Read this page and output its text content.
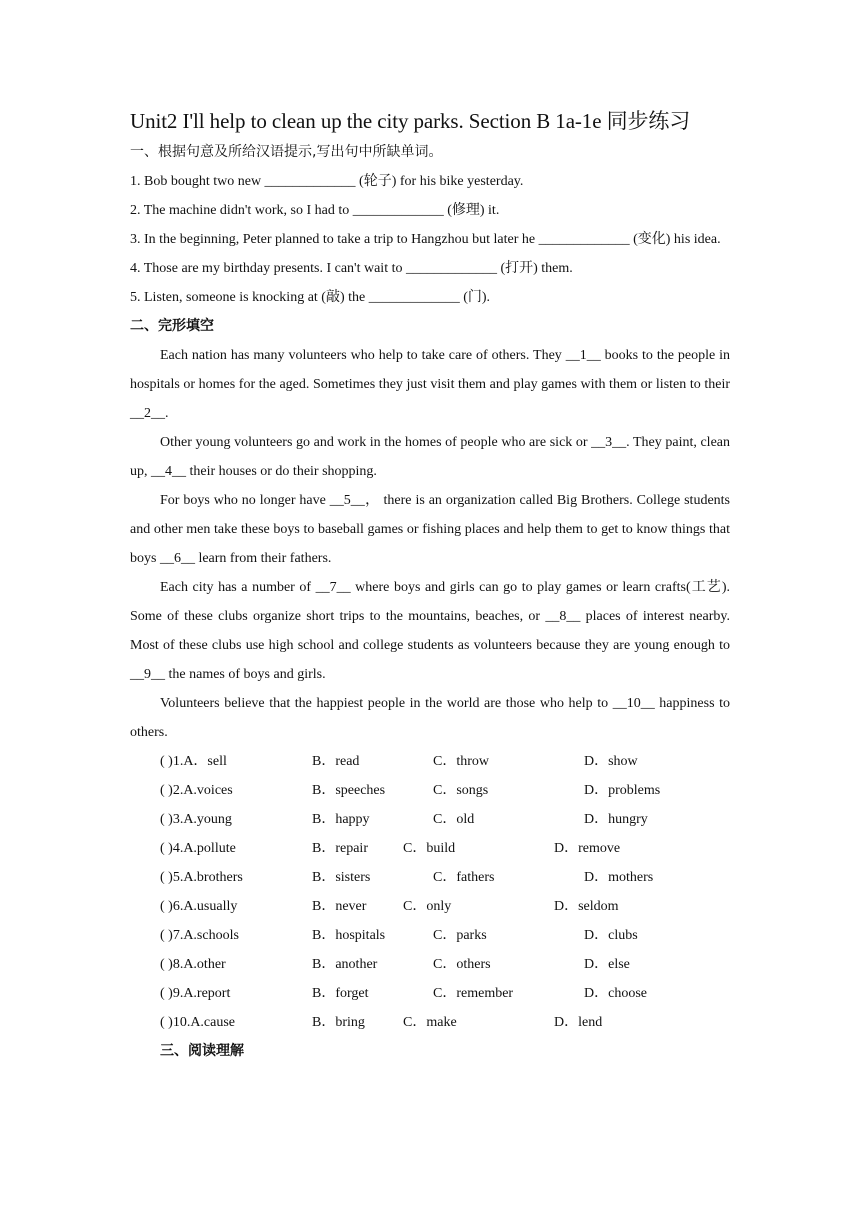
Unit2 I'll help to clean up the city parks. Section B 1a-1e 同步练习
一、根据句意及所给汉语提示,写出句中所缺单词。
1. Bob bought two new _____________ (轮子) for his bike yesterday.
2. The machine didn't work, so I had to _____________ (修理) it.
3. In the beginning, Peter planned to take a trip to Hangzhou but later he _____________ (变化) his idea.
4. Those are my birthday presents. I can't wait to _____________ (打开) them.
5. Listen, someone is knocking at (敲) the _____________ (门).
二、完形填空
Each nation has many volunteers who help to take care of others. They __1__ books to the people in hospitals or homes for the aged. Sometimes they just visit them and play games with them or listen to their __2__.
Other young volunteers go and work in the homes of people who are sick or __3__. They paint, clean up, __4__ their houses or do their shopping.
For boys who no longer have __5__， there is an organization called Big Brothers. College students and other men take these boys to baseball games or fishing places and help them to get to know things that boys __6__ learn from their fathers.
Each city has a number of __7__ where boys and girls can go to play games or learn crafts(工艺). Some of these clubs organize short trips to the mountains, beaches, or __8__ places of interest nearby. Most of these clubs use high school and college students as volunteers because they are young enough to __9__ the names of boys and girls.
Volunteers believe that the happiest people in the world are those who help to __10__ happiness to others.
( )1.A．sell	B．read	C．throw	D．show
( )2.A.voices	B．speeches	C．songs	D．problems
( )3.A.young	B．happy	C．old	D．hungry
( )4.A.pollute	B．repair	C．build	D．remove
( )5.A.brothers	B．sisters	C．fathers	D．mothers
( )6.A.usually	B．never	C．only	D．seldom
( )7.A.schools	B．hospitals	C．parks	D．clubs
( )8.A.other	B．another	C．others	D．else
( )9.A.report	B．forget	C．remember	D．choose
( )10.A.cause	B．bring	C．make	D．lend
三、阅读理解
